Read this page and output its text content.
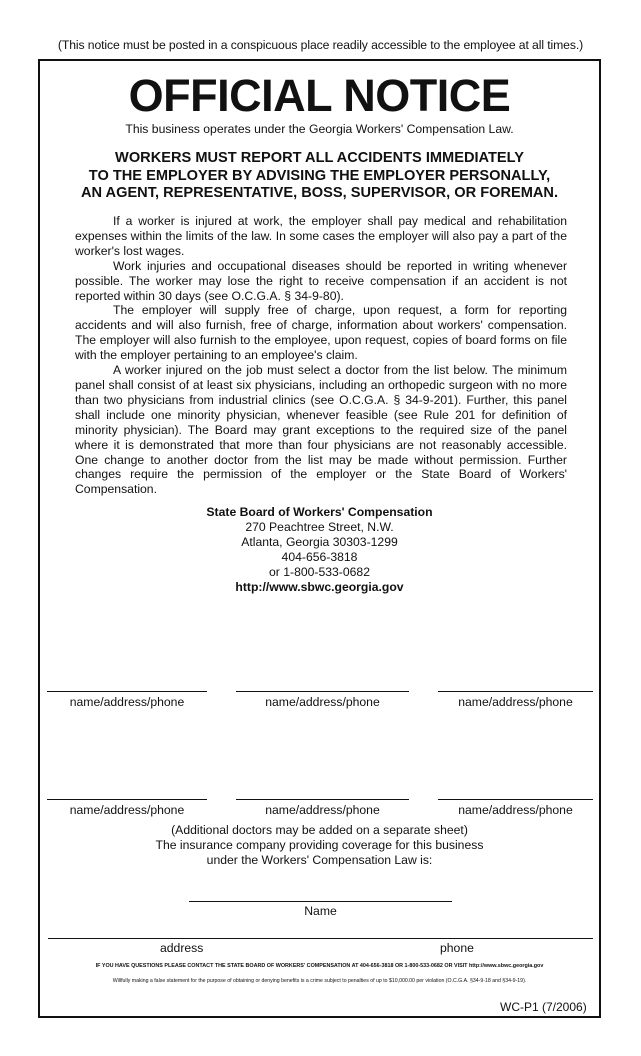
(This notice must be posted in a conspicuous place readily accessible to the employee at all times.)
OFFICIAL NOTICE
This business operates under the Georgia Workers' Compensation Law.
WORKERS MUST REPORT ALL ACCIDENTS IMMEDIATELY
TO THE EMPLOYER BY ADVISING THE EMPLOYER PERSONALLY,
AN AGENT, REPRESENTATIVE, BOSS, SUPERVISOR, OR FOREMAN.

If a worker is injured at work, the employer shall pay medical and rehabilitation expenses within the limits of the law. In some cases the employer will also pay a part of the worker's lost wages.

Work injuries and occupational diseases should be reported in writing whenever possible. The worker may lose the right to receive compensation if an accident is not reported within 30 days (see O.C.G.A. § 34-9-80).

The employer will supply free of charge, upon request, a form for reporting accidents and will also furnish, free of charge, information about workers' compensation. The employer will also furnish to the employee, upon request, copies of board forms on file with the employer pertaining to an employee's claim.

A worker injured on the job must select a doctor from the list below. The minimum panel shall consist of at least six physicians, including an orthopedic surgeon with no more than two physicians from industrial clinics (see O.C.G.A. § 34-9-201). Further, this panel shall include one minority physician, whenever feasible (see Rule 201 for definition of minority physician). The Board may grant exceptions to the required size of the panel where it is demonstrated that more than four physicians are not reasonably accessible. One change to another doctor from the list may be made without permission. Further changes require the permission of the employer or the State Board of Workers' Compensation.

State Board of Workers' Compensation
270 Peachtree Street, N.W.
Atlanta, Georgia 30303-1299
404-656-3818
or 1-800-533-0682
http://www.sbwc.georgia.gov
name/address/phone	name/address/phone	name/address/phone
name/address/phone	name/address/phone	name/address/phone
(Additional doctors may be added on a separate sheet)
The insurance company providing coverage for this business
under the Workers' Compensation Law is:
Name
address	phone
IF YOU HAVE QUESTIONS PLEASE CONTACT THE STATE BOARD OF WORKERS' COMPENSATION AT 404-656-3818 OR 1-800-533-0682 OR VISIT http://www.sbwc.georgia.gov
Willfully making a false statement for the purpose of obtaining or denying benefits is a crime subject to penalties of up to $10,000.00 per violation (O.C.G.A. §34-9-18 and §34-9-19).
WC-P1 (7/2006)
